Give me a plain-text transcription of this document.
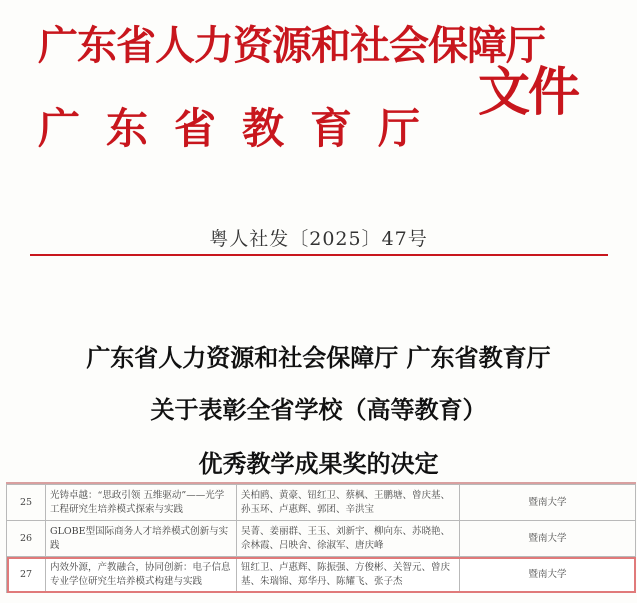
广东省人力资源和社会保障厅
广东省教育厅
文件
粤人社发〔2025〕47号
广东省人力资源和社会保障厅 广东省教育厅
关于表彰全省学校（高等教育）
优秀教学成果奖的决定
25	光铸卓越：“思政引领 五维驱动”——光学工程研究生培养模式探索与实践	关柏鸥、黄豪、钮红卫、蔡枫、王鹏塘、曾庆基、孙玉环、卢惠辉、郭团、辛洪宝	暨南大学
26	GLOBE型国际商务人才培养模式创新与实践	吴菁、姜丽群、王玉、刘新宇、柳向东、苏晓艳、佘林霞、吕映舍、徐淑军、唐庆峰	暨南大学
27	内效外源，产教融合，协同创新：电子信息专业学位研究生培养模式构建与实践	钮红卫、卢惠辉、陈振强、方俊彬、关智元、曾庆基、朱瑞锦、郑华丹、陈耀飞、张子杰	暨南大学
